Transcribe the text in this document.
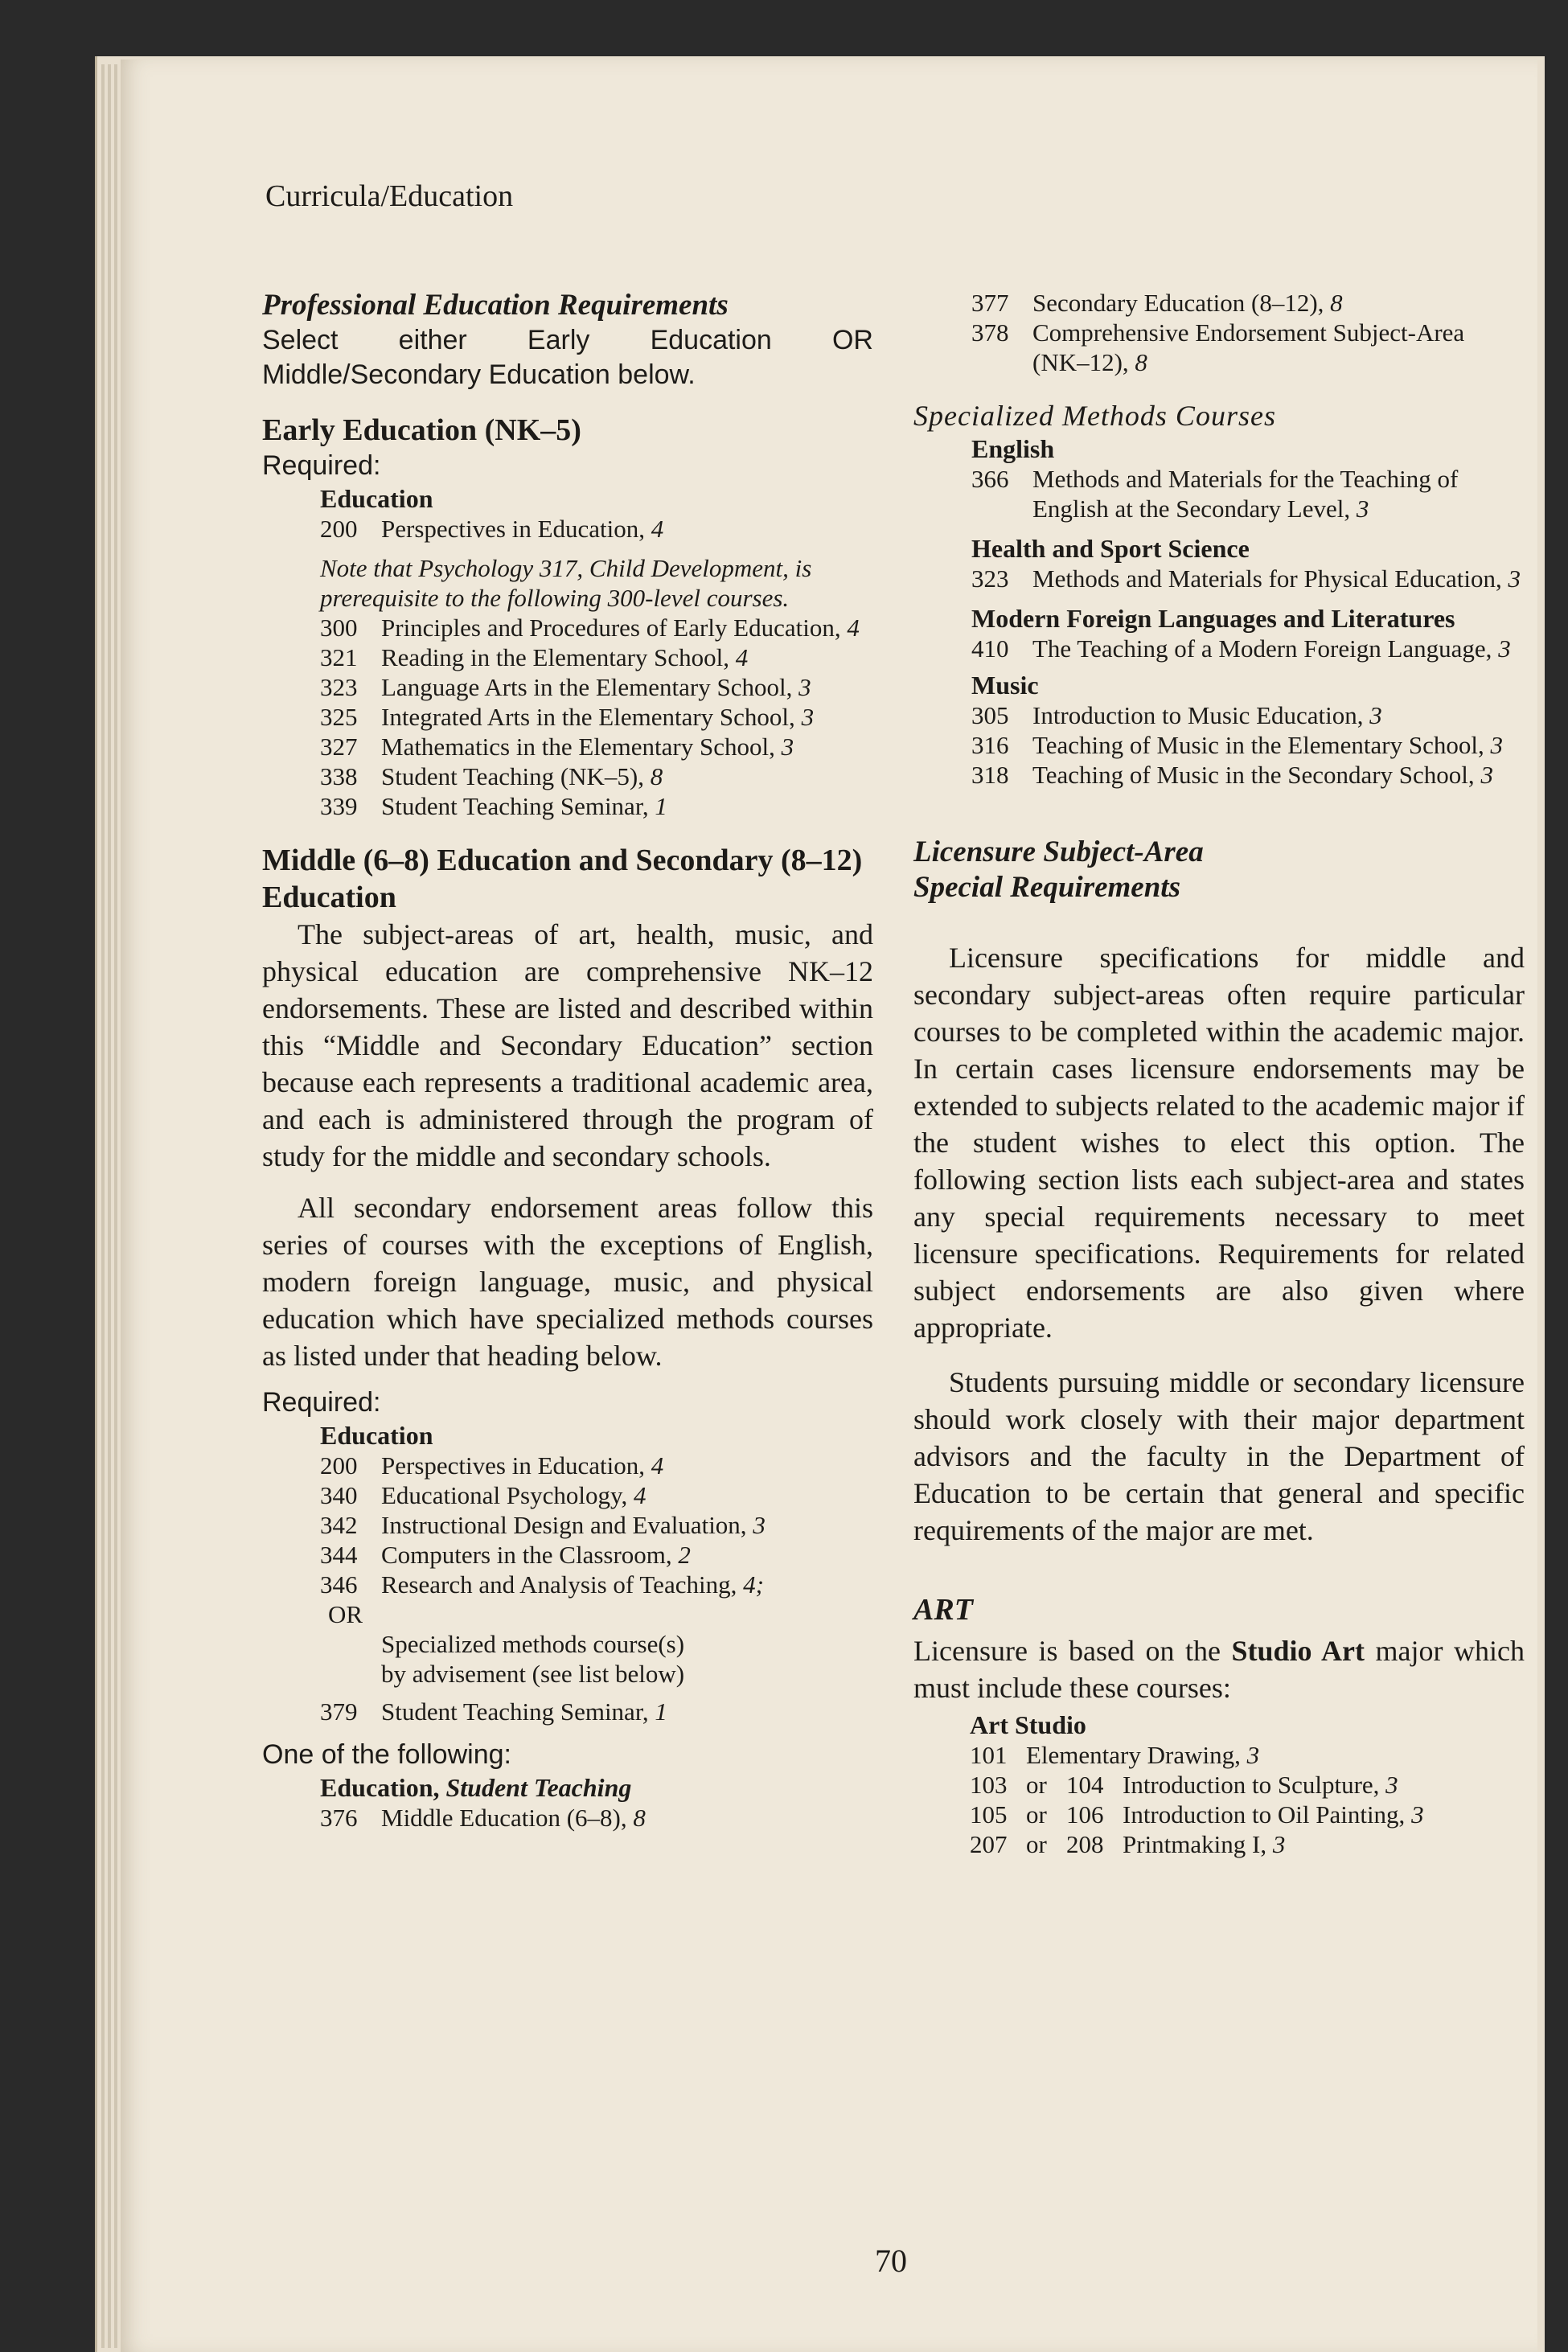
Curricula/Education
Professional Education Requirements
Select either Early Education OR Middle/Secondary Education below.
Early Education (NK–5)
Required:
Education
200 Perspectives in Education, 4
Note that Psychology 317, Child Development, is prerequisite to the following 300-level courses.
300 Principles and Procedures of Early Education, 4
321 Reading in the Elementary School, 4
323 Language Arts in the Elementary School, 3
325 Integrated Arts in the Elementary School, 3
327 Mathematics in the Elementary School, 3
338 Student Teaching (NK–5), 8
339 Student Teaching Seminar, 1
Middle (6–8) Education and Secondary (8–12) Education
The subject-areas of art, health, music, and physical education are comprehensive NK–12 endorsements. These are listed and described within this “Middle and Secondary Education” section because each represents a traditional academic area, and each is administered through the program of study for the middle and secondary schools.
All secondary endorsement areas follow this series of courses with the exceptions of English, modern foreign language, music, and physical education which have specialized methods courses as listed under that heading below.
Required:
Education
200 Perspectives in Education, 4
340 Educational Psychology, 4
342 Instructional Design and Evaluation, 3
344 Computers in the Classroom, 2
346 Research and Analysis of Teaching, 4;
OR
Specialized methods course(s) by advisement (see list below)
379 Student Teaching Seminar, 1
One of the following:
Education, Student Teaching
376 Middle Education (6–8), 8
377 Secondary Education (8–12), 8
378 Comprehensive Endorsement Subject-Area (NK–12), 8
Specialized Methods Courses
English
366 Methods and Materials for the Teaching of English at the Secondary Level, 3
Health and Sport Science
323 Methods and Materials for Physical Education, 3
Modern Foreign Languages and Literatures
410 The Teaching of a Modern Foreign Language, 3
Music
305 Introduction to Music Education, 3
316 Teaching of Music in the Elementary School, 3
318 Teaching of Music in the Secondary School, 3
Licensure Subject-Area
Special Requirements
Licensure specifications for middle and secondary subject-areas often require particular courses to be completed within the academic major. In certain cases licensure endorsements may be extended to subjects related to the academic major if the student wishes to elect this option. The following section lists each subject-area and states any special requirements necessary to meet licensure specifications. Requirements for related subject endorsements are also given where appropriate.
Students pursuing middle or secondary licensure should work closely with their major department advisors and the faculty in the Department of Education to be certain that general and specific requirements of the major are met.
ART
Licensure is based on the Studio Art major which must include these courses:
Art Studio
101 Elementary Drawing, 3
103 or 104 Introduction to Sculpture, 3
105 or 106 Introduction to Oil Painting, 3
207 or 208 Printmaking I, 3
70
